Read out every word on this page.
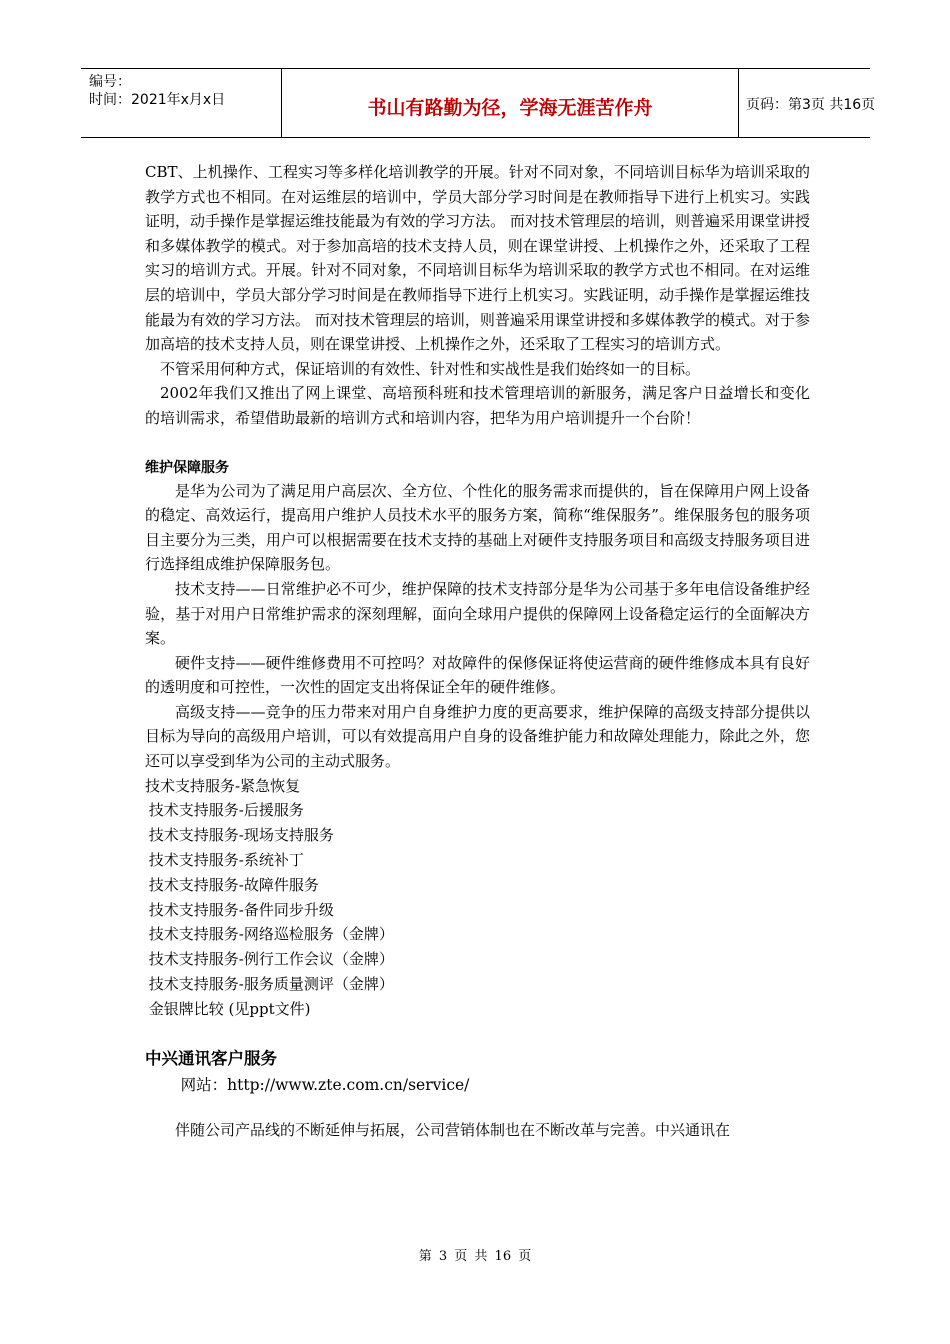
编号：
时间：2021年x月x日	书山有路勤为径，学海无涯苦作舟	页码：第3页 共16页

CBT、上机操作、工程实习等多样化培训教学的开展。针对不同对象，不同培训目标华为培训采取的教学方式也不相同。在对运维层的培训中，学员大部分学习时间是在教师指导下进行上机实习。实践证明，动手操作是掌握运维技能最为有效的学习方法。 而对技术管理层的培训，则普遍采用课堂讲授和多媒体教学的模式。对于参加高培的技术支持人员，则在课堂讲授、上机操作之外，还采取了工程实习的培训方式。开展。针对不同对象，不同培训目标华为培训采取的教学方式也不相同。在对运维层的培训中，学员大部分学习时间是在教师指导下进行上机实习。实践证明，动手操作是掌握运维技能最为有效的学习方法。 而对技术管理层的培训，则普遍采用课堂讲授和多媒体教学的模式。对于参加高培的技术支持人员，则在课堂讲授、上机操作之外，还采取了工程实习的培训方式。

不管采用何种方式，保证培训的有效性、针对性和实战性是我们始终如一的目标。

2002年我们又推出了网上课堂、高培预科班和技术管理培训的新服务，满足客户日益增长和变化的培训需求，希望借助最新的培训方式和培训内容，把华为用户培训提升一个台阶！

维护保障服务

是华为公司为了满足用户高层次、全方位、个性化的服务需求而提供的，旨在保障用户网上设备的稳定、高效运行，提高用户维护人员技术水平的服务方案，简称“维保服务”。维保服务包的服务项目主要分为三类，用户可以根据需要在技术支持的基础上对硬件支持服务项目和高级支持服务项目进行选择组成维护保障服务包。

技术支持——日常维护必不可少，维护保障的技术支持部分是华为公司基于多年电信设备维护经验，基于对用户日常维护需求的深刻理解，面向全球用户提供的保障网上设备稳定运行的全面解决方案。

硬件支持——硬件维修费用不可控吗？对故障件的保修保证将使运营商的硬件维修成本具有良好的透明度和可控性，一次性的固定支出将保证全年的硬件维修。

高级支持——竞争的压力带来对用户自身维护力度的更高要求，维护保障的高级支持部分提供以目标为导向的高级用户培训，可以有效提高用户自身的设备维护能力和故障处理能力，除此之外，您还可以享受到华为公司的主动式服务。

技术支持服务-紧急恢复
技术支持服务-后援服务
技术支持服务-现场支持服务
技术支持服务-系统补丁
技术支持服务-故障件服务
技术支持服务-备件同步升级
技术支持服务-网络巡检服务（金牌）
技术支持服务-例行工作会议（金牌）
技术支持服务-服务质量测评（金牌）
金银牌比较 (见ppt文件)
中兴通讯客户服务

网站：http://www.zte.com.cn/service/

伴随公司产品线的不断延伸与拓展，公司营销体制也在不断改革与完善。中兴通讯在

第 3 页 共 16 页
